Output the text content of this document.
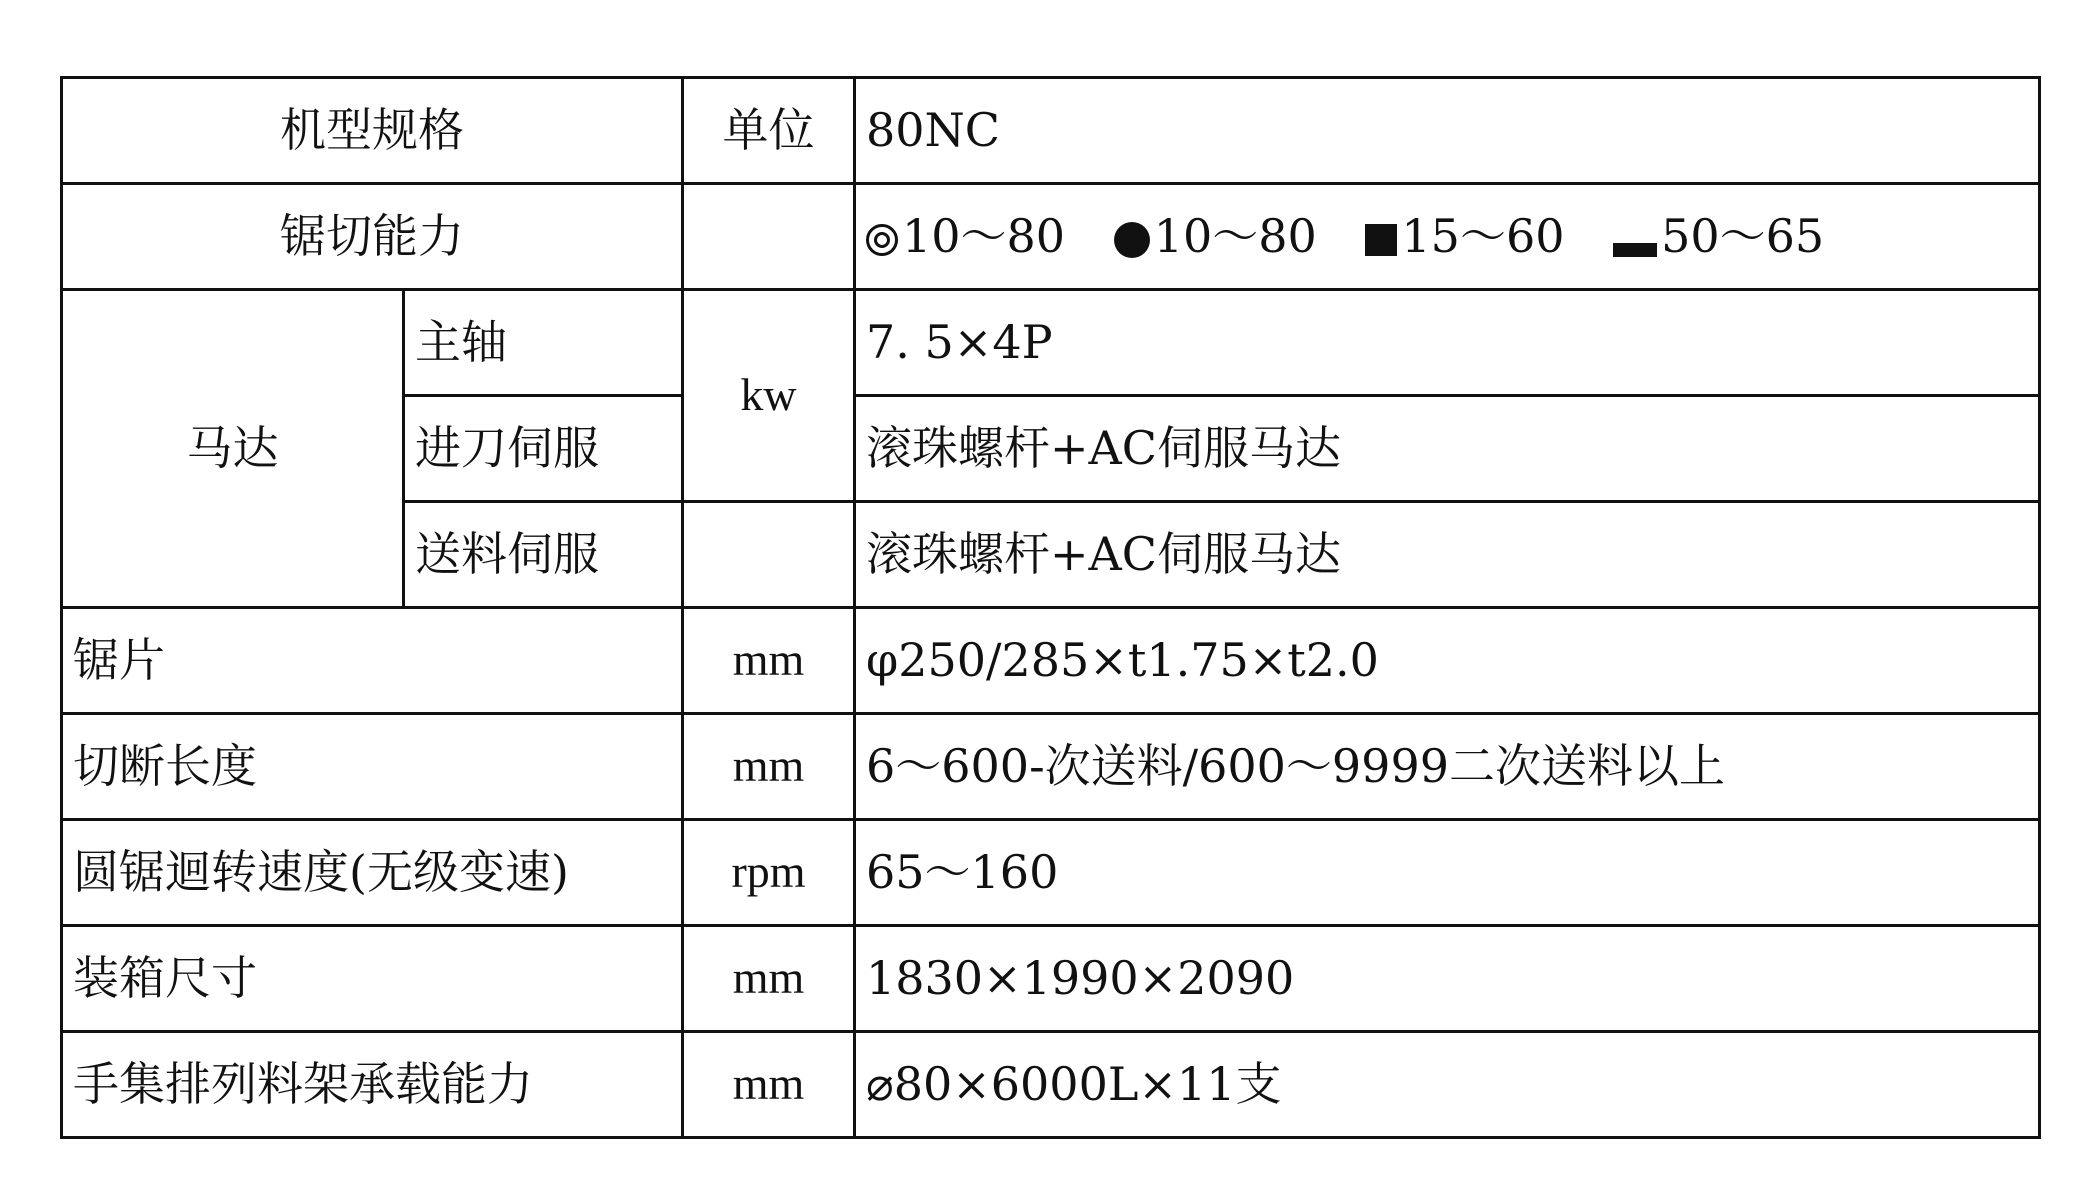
机型规格		单位	80NC
锯切能力			10～80 10～80 15～60 50～65
马达	主轴	kw	7. 5×4P
	进刀伺服		滚珠螺杆+AC伺服马达
	送料伺服		滚珠螺杆+AC伺服马达
锯片		mm	φ250/285×t1.75×t2.0
切断长度		mm	6～600-次送料/600～9999二次送料以上
圆锯迴转速度(无级变速)		rpm	65～160
装箱尺寸		mm	1830×1990×2090
手集排列料架承载能力		mm	⌀80×6000L×11支
